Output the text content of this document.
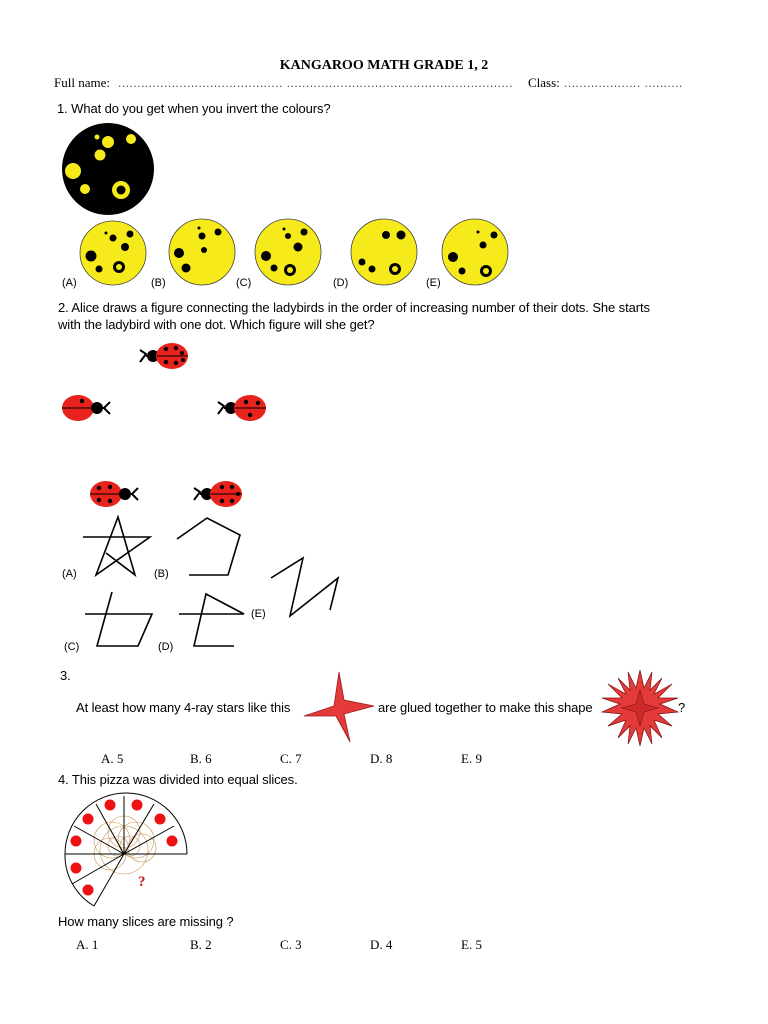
KANGAROO MATH GRADE 1, 2
Full name: ........................................... ........................................................... Class: .................... ..........
1. What do you get when you invert the colours?
(A)	(B)	(C)	(D)	(E)
2. Alice draws a figure connecting the ladybirds in the order of increasing number of their dots. She starts
with the ladybird with one dot. Which figure will she get?
(A)	(B)
(C)	(D)
(E)
3.
At least how many 4-ray stars like this	are glued together to make this shape	?
A. 5	B. 6	C. 7	D. 8	E. 9
4. This pizza was divided into equal slices.
?
How many slices are missing ?
A. 1	B. 2	C. 3	D. 4	E. 5
